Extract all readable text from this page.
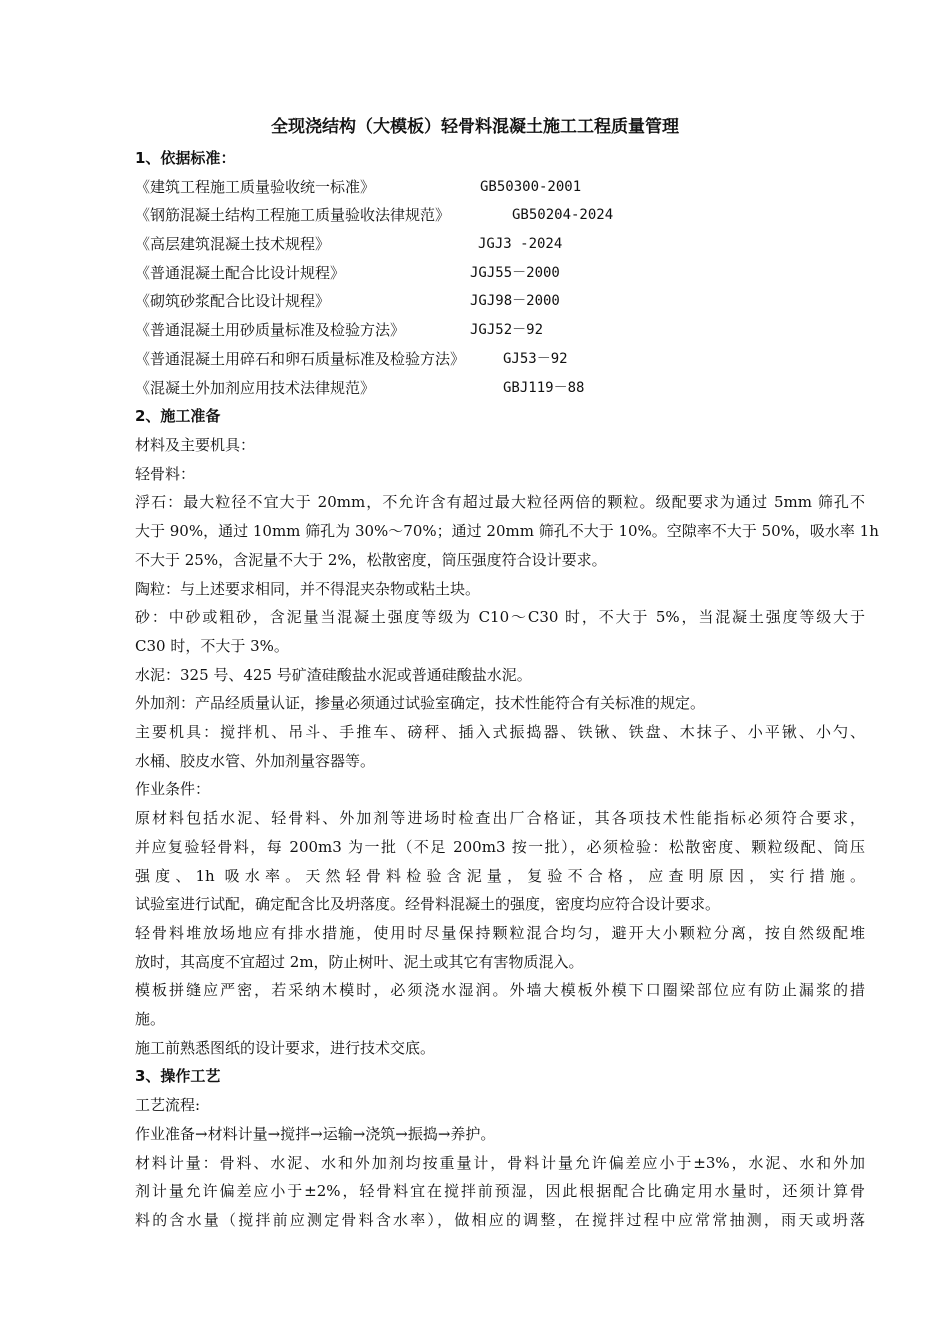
全现浇结构（大模板）轻骨料混凝土施工工程质量管理
1、依据标准：
《建筑工程施工质量验收统一标准》	GB50300-2001
《钢筋混凝土结构工程施工质量验收法律规范》	GB50204-2024
《高层建筑混凝土技术规程》	JGJ3 -2024
《普通混凝土配合比设计规程》	JGJ55－2000
《砌筑砂浆配合比设计规程》	JGJ98－2000
《普通混凝土用砂质量标准及检验方法》	JGJ52－92
《普通混凝土用碎石和卵石质量标准及检验方法》	GJ53－92
《混凝土外加剂应用技术法律规范》	GBJ119－88
2、施工准备
材料及主要机具：
轻骨料：
浮石：最大粒径不宜大于 20mm，不允许含有超过最大粒径两倍的颗粒。级配要求为通过 5mm 筛孔不
大于 90%，通过 10mm 筛孔为 30%～70%；通过 20mm 筛孔不大于 10%。空隙率不大于 50%，吸水率 1h
不大于 25%，含泥量不大于 2%，松散密度，筒压强度符合设计要求。
陶粒：与上述要求相同，并不得混夹杂物或粘土块。
砂：中砂或粗砂，含泥量当混凝土强度等级为 C10～C30 时，不大于 5%，当混凝土强度等级大于
C30 时，不大于 3%。
水泥：325 号、425 号矿渣硅酸盐水泥或普通硅酸盐水泥。
外加剂：产品经质量认证，掺量必须通过试验室确定，技术性能符合有关标准的规定。
主要机具：搅拌机、吊斗、手推车、磅秤、插入式振捣器、铁锹、铁盘、木抹子、小平锹、小勺、
水桶、胶皮水管、外加剂量容器等。
作业条件：
原材料包括水泥、轻骨料、外加剂等进场时检查出厂合格证，其各项技术性能指标必须符合要求，
并应复验轻骨料，每 200m3 为一批（不足 200m3 按一批），必须检验：松散密度、颗粒级配、筒压
强度、1h 吸水率。天然轻骨料检验含泥量，复验不合格，应查明原因，实行措施。
试验室进行试配，确定配含比及坍落度。经骨料混凝土的强度，密度均应符合设计要求。
轻骨料堆放场地应有排水措施，使用时尽量保持颗粒混合均匀，避开大小颗粒分离，按自然级配堆
放时，其高度不宜超过 2m，防止树叶、泥土或其它有害物质混入。
模板拼缝应严密，若采纳木模时，必须浇水湿润。外墙大模板外模下口圈梁部位应有防止漏浆的措
施。
施工前熟悉图纸的设计要求，进行技术交底。
3、操作工艺
工艺流程:
作业准备→材料计量→搅拌→运输→浇筑→振捣→养护。
材料计量：骨料、水泥、水和外加剂均按重量计，骨料计量允许偏差应小于±3%，水泥、水和外加
剂计量允许偏差应小于±2%，轻骨料宜在搅拌前预湿，因此根据配合比确定用水量时，还须计算骨
料的含水量（搅拌前应测定骨料含水率），做相应的调整，在搅拌过程中应常常抽测，雨天或坍落
